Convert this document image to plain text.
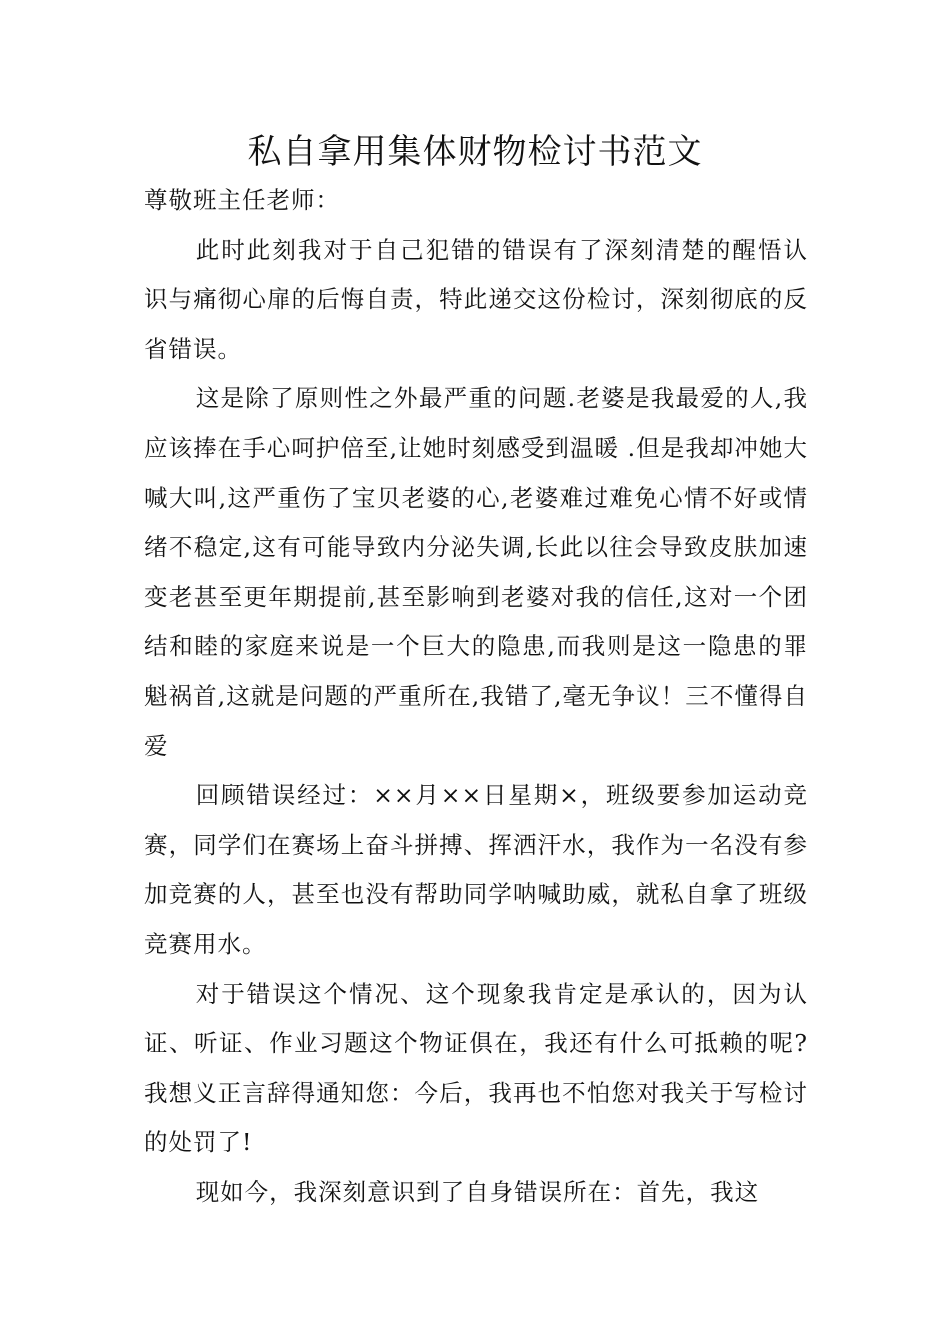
私自拿用集体财物检讨书范文

尊敬班主任老师：

此时此刻我对于自己犯错的错误有了深刻清楚的醒悟认识与痛彻心扉的后悔自责，特此递交这份检讨，深刻彻底的反省错误。

这是除了原则性之外最严重的问题.老婆是我最爱的人,我应该捧在手心呵护倍至,让她时刻感受到温暖 .但是我却冲她大喊大叫,这严重伤了宝贝老婆的心,老婆难过难免心情不好或情绪不稳定,这有可能导致内分泌失调,长此以往会导致皮肤加速变老甚至更年期提前,甚至影响到老婆对我的信任,这对一个团结和睦的家庭来说是一个巨大的隐患,而我则是这一隐患的罪魁祸首,这就是问题的严重所在,我错了,毫无争议！三不懂得自爱

回顾错误经过：××月××日星期×，班级要参加运动竞赛，同学们在赛场上奋斗拼搏、挥洒汗水，我作为一名没有参加竞赛的人，甚至也没有帮助同学呐喊助威，就私自拿了班级竞赛用水。

对于错误这个情况、这个现象我肯定是承认的，因为认证、听证、作业习题这个物证俱在，我还有什么可抵赖的呢?我想义正言辞得通知您：今后，我再也不怕您对我关于写检讨的处罚了!

现如今，我深刻意识到了自身错误所在：首先，我这
